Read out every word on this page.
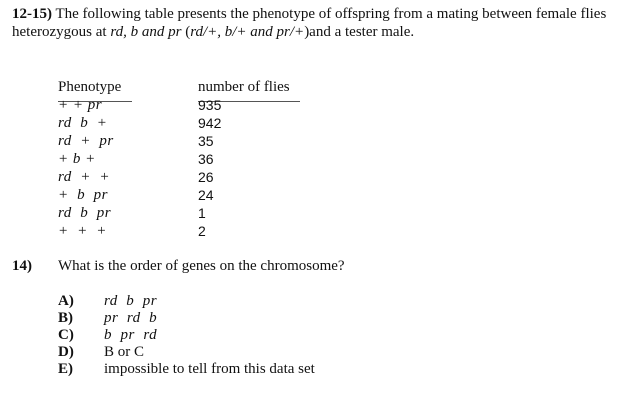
12-15) The following table presents the phenotype of offspring from a mating between female flies heterozygous at rd, b and pr (rd/+, b/+ and pr/+)and a tester male.
Phenotype	number of flies
+ + pr	935
rd  b  +	942
rd  +  pr	35
+ b +	36
rd  +  +	26
+  b  pr	24
rd  b  pr	1
+  +  +	2
14) What is the order of genes on the chromosome?
A) rd  b  pr
B) pr  rd  b
C) b  pr  rd
D) B or C
E) impossible to tell from this data set
